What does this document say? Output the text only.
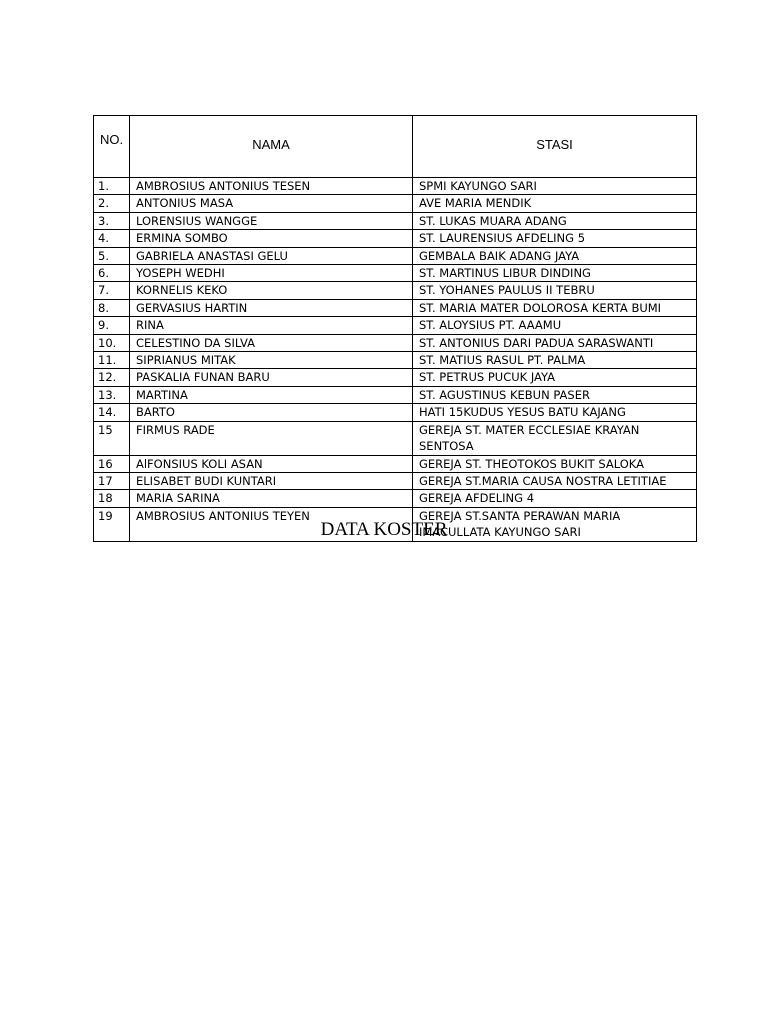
NO.	NAMA	STASI
1.	AMBROSIUS ANTONIUS TESEN	SPMI KAYUNGO SARI
2.	ANTONIUS MASA	AVE MARIA MENDIK
3.	LORENSIUS WANGGE	ST. LUKAS MUARA ADANG
4.	ERMINA SOMBO	ST. LAURENSIUS AFDELING 5
5.	GABRIELA ANASTASI GELU	GEMBALA BAIK ADANG JAYA
6.	YOSEPH WEDHI	ST. MARTINUS LIBUR DINDING
7.	KORNELIS KEKO	ST. YOHANES PAULUS II TEBRU
8.	GERVASIUS HARTIN	ST. MARIA MATER DOLOROSA KERTA BUMI
9.	RINA	ST. ALOYSIUS PT. AAAMU
10.	CELESTINO DA SILVA	ST. ANTONIUS DARI PADUA SARASWANTI
11.	SIPRIANUS MITAK	ST. MATIUS RASUL PT. PALMA
12.	PASKALIA FUNAN BARU	ST. PETRUS PUCUK JAYA
13.	MARTINA	ST. AGUSTINUS KEBUN PASER
14.	BARTO	HATI 15KUDUS YESUS BATU KAJANG
15	FIRMUS RADE	GEREJA ST. MATER ECCLESIAE KRAYAN SENTOSA
16	AlFONSIUS KOLI ASAN	GEREJA ST. THEOTOKOS BUKIT SALOKA
17	ELISABET BUDI KUNTARI	GEREJA ST.MARIA CAUSA NOSTRA LETITIAE
18	MARIA SARINA	GEREJA AFDELING 4
19	AMBROSIUS ANTONIUS TEYEN	GEREJA ST.SANTA PERAWAN MARIA IMACULLATA KAYUNGO SARI
DATA KOSTER
